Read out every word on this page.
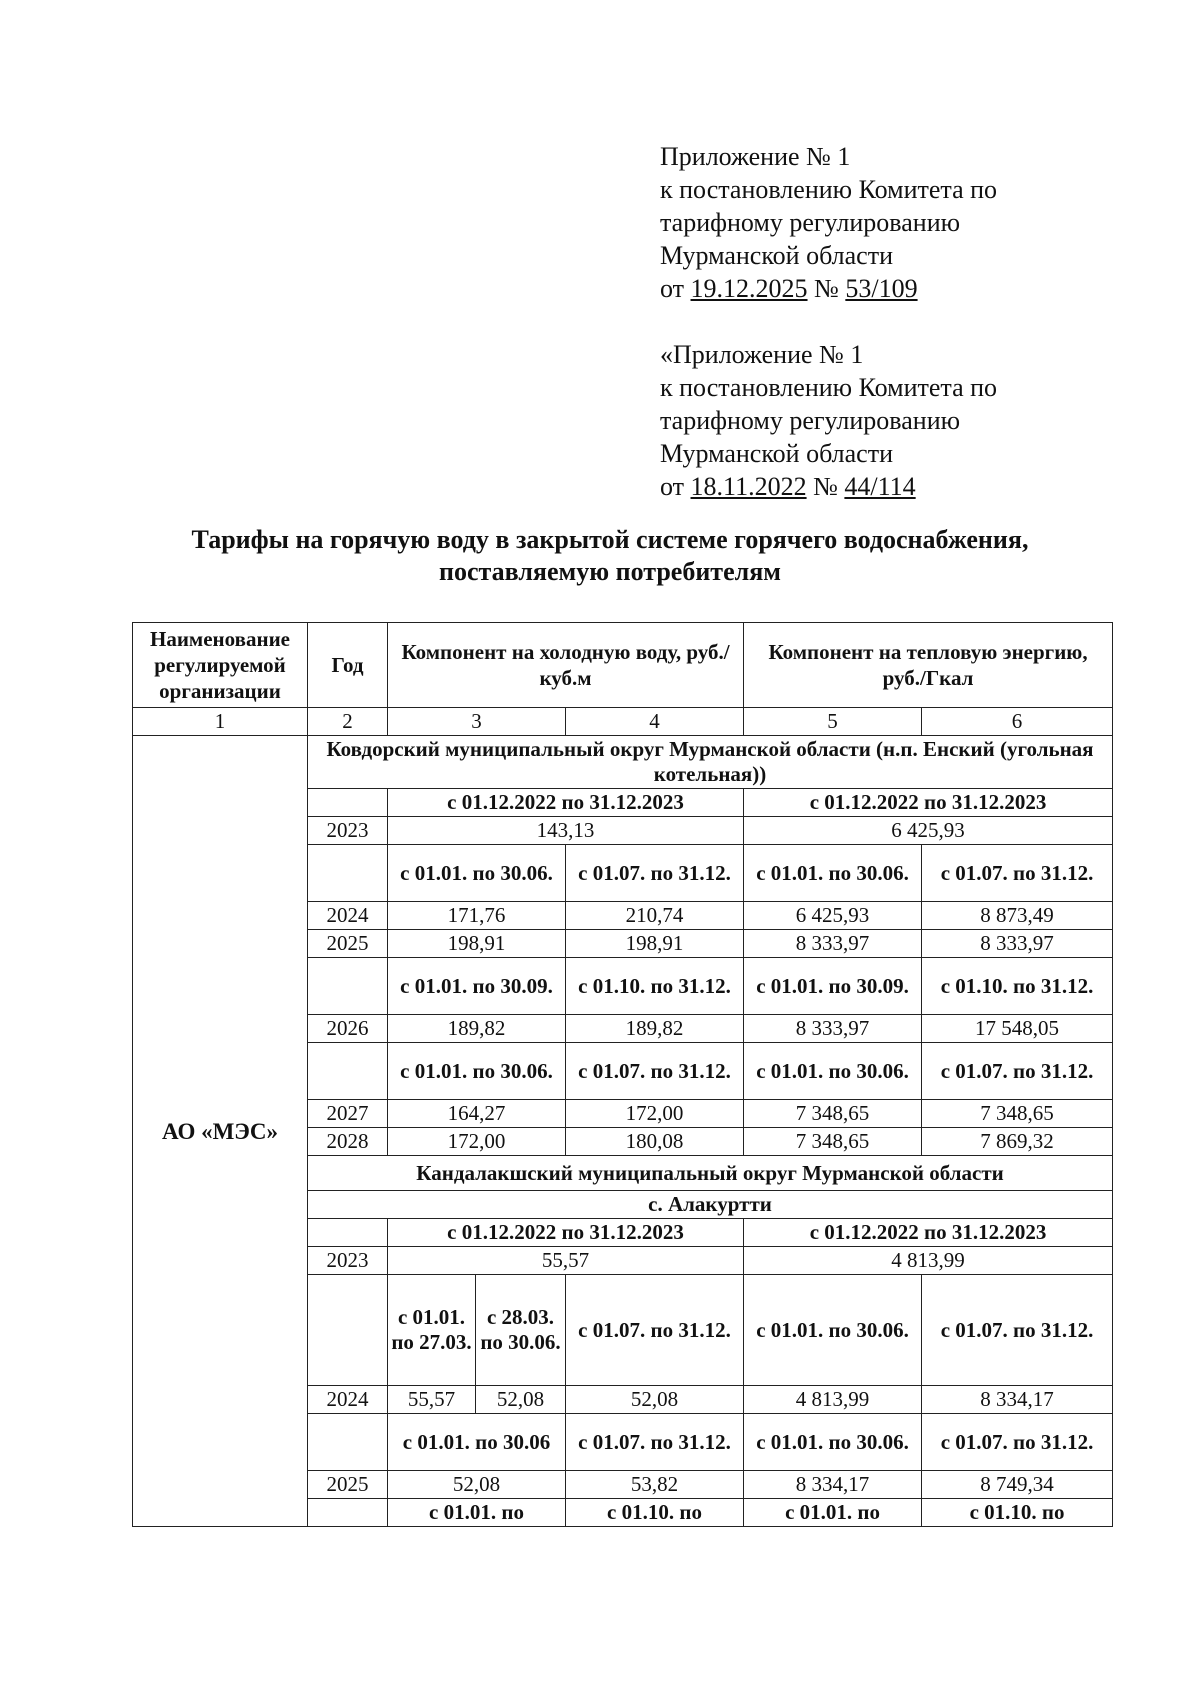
Приложение № 1
к постановлению Комитета по
тарифному регулированию
Мурманской области
от 19.12.2025 № 53/109
«Приложение № 1
к постановлению Комитета по
тарифному регулированию
Мурманской области
от 18.11.2022 № 44/114
Тарифы на горячую воду в закрытой системе горячего водоснабжения,
поставляемую потребителям
Наименование регулируемой организации	Год	Компонент на холодную воду, руб./куб.м			Компонент на тепловую энергию, руб./Гкал	
1	2	3		4	5	6
АО «МЭС»	Ковдорский муниципальный округ Мурманской области (н.п. Енский (угольная котельная))					
		с 01.12.2022 по 31.12.2023			с 01.12.2022 по 31.12.2023	
	2023	143,13			6 425,93	
		с 01.01. по 30.06.		с 01.07. по 31.12.	с 01.01. по 30.06.	с 01.07. по 31.12.
	2024	171,76		210,74	6 425,93	8 873,49
	2025	198,91		198,91	8 333,97	8 333,97
		с 01.01. по 30.09.		с 01.10. по 31.12.	с 01.01. по 30.09.	с 01.10. по 31.12.
	2026	189,82		189,82	8 333,97	17 548,05
		с 01.01. по 30.06.		с 01.07. по 31.12.	с 01.01. по 30.06.	с 01.07. по 31.12.
	2027	164,27		172,00	7 348,65	7 348,65
	2028	172,00		180,08	7 348,65	7 869,32
	Кандалакшский муниципальный округ Мурманской области					
	с. Алакуртти					
		с 01.12.2022 по 31.12.2023			с 01.12.2022 по 31.12.2023	
	2023	55,57			4 813,99	
		с 01.01. по 27.03.	с 28.03. по 30.06.	с 01.07. по 31.12.	с 01.01. по 30.06.	с 01.07. по 31.12.
	2024	55,57	52,08	52,08	4 813,99	8 334,17
		с 01.01. по 30.06		с 01.07. по 31.12.	с 01.01. по 30.06.	с 01.07. по 31.12.
	2025	52,08		53,82	8 334,17	8 749,34
		с 01.01. по		с 01.10. по	с 01.01. по	с 01.10. по
